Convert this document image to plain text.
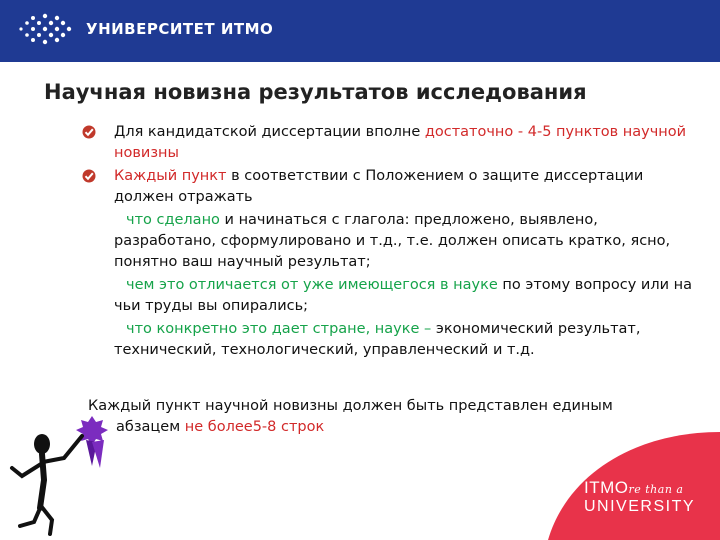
УНИВЕРСИТЕТ ИТМО
Научная новизна результатов исследования
Для кандидатской диссертации вполне достаточно - 4-5 пунктов научной новизны
Каждый пункт в соответствии с Положением о защите диссертации должен отражать
что сделано и начинаться с глагола: предложено, выявлено, разработано, сформулировано и т.д., т.е. должен описать кратко, ясно, понятно ваш научный результат;
чем это отличается от уже имеющегося в науке по этому вопросу или на чьи труды вы опирались;
что конкретно это дает стране, науке – экономический результат, технический, технологический, управленческий и т.д.
Каждый пункт научной новизны должен быть представлен единым
абзацем не более5-8 строк
ITMOre than a
UNIVERSITY
